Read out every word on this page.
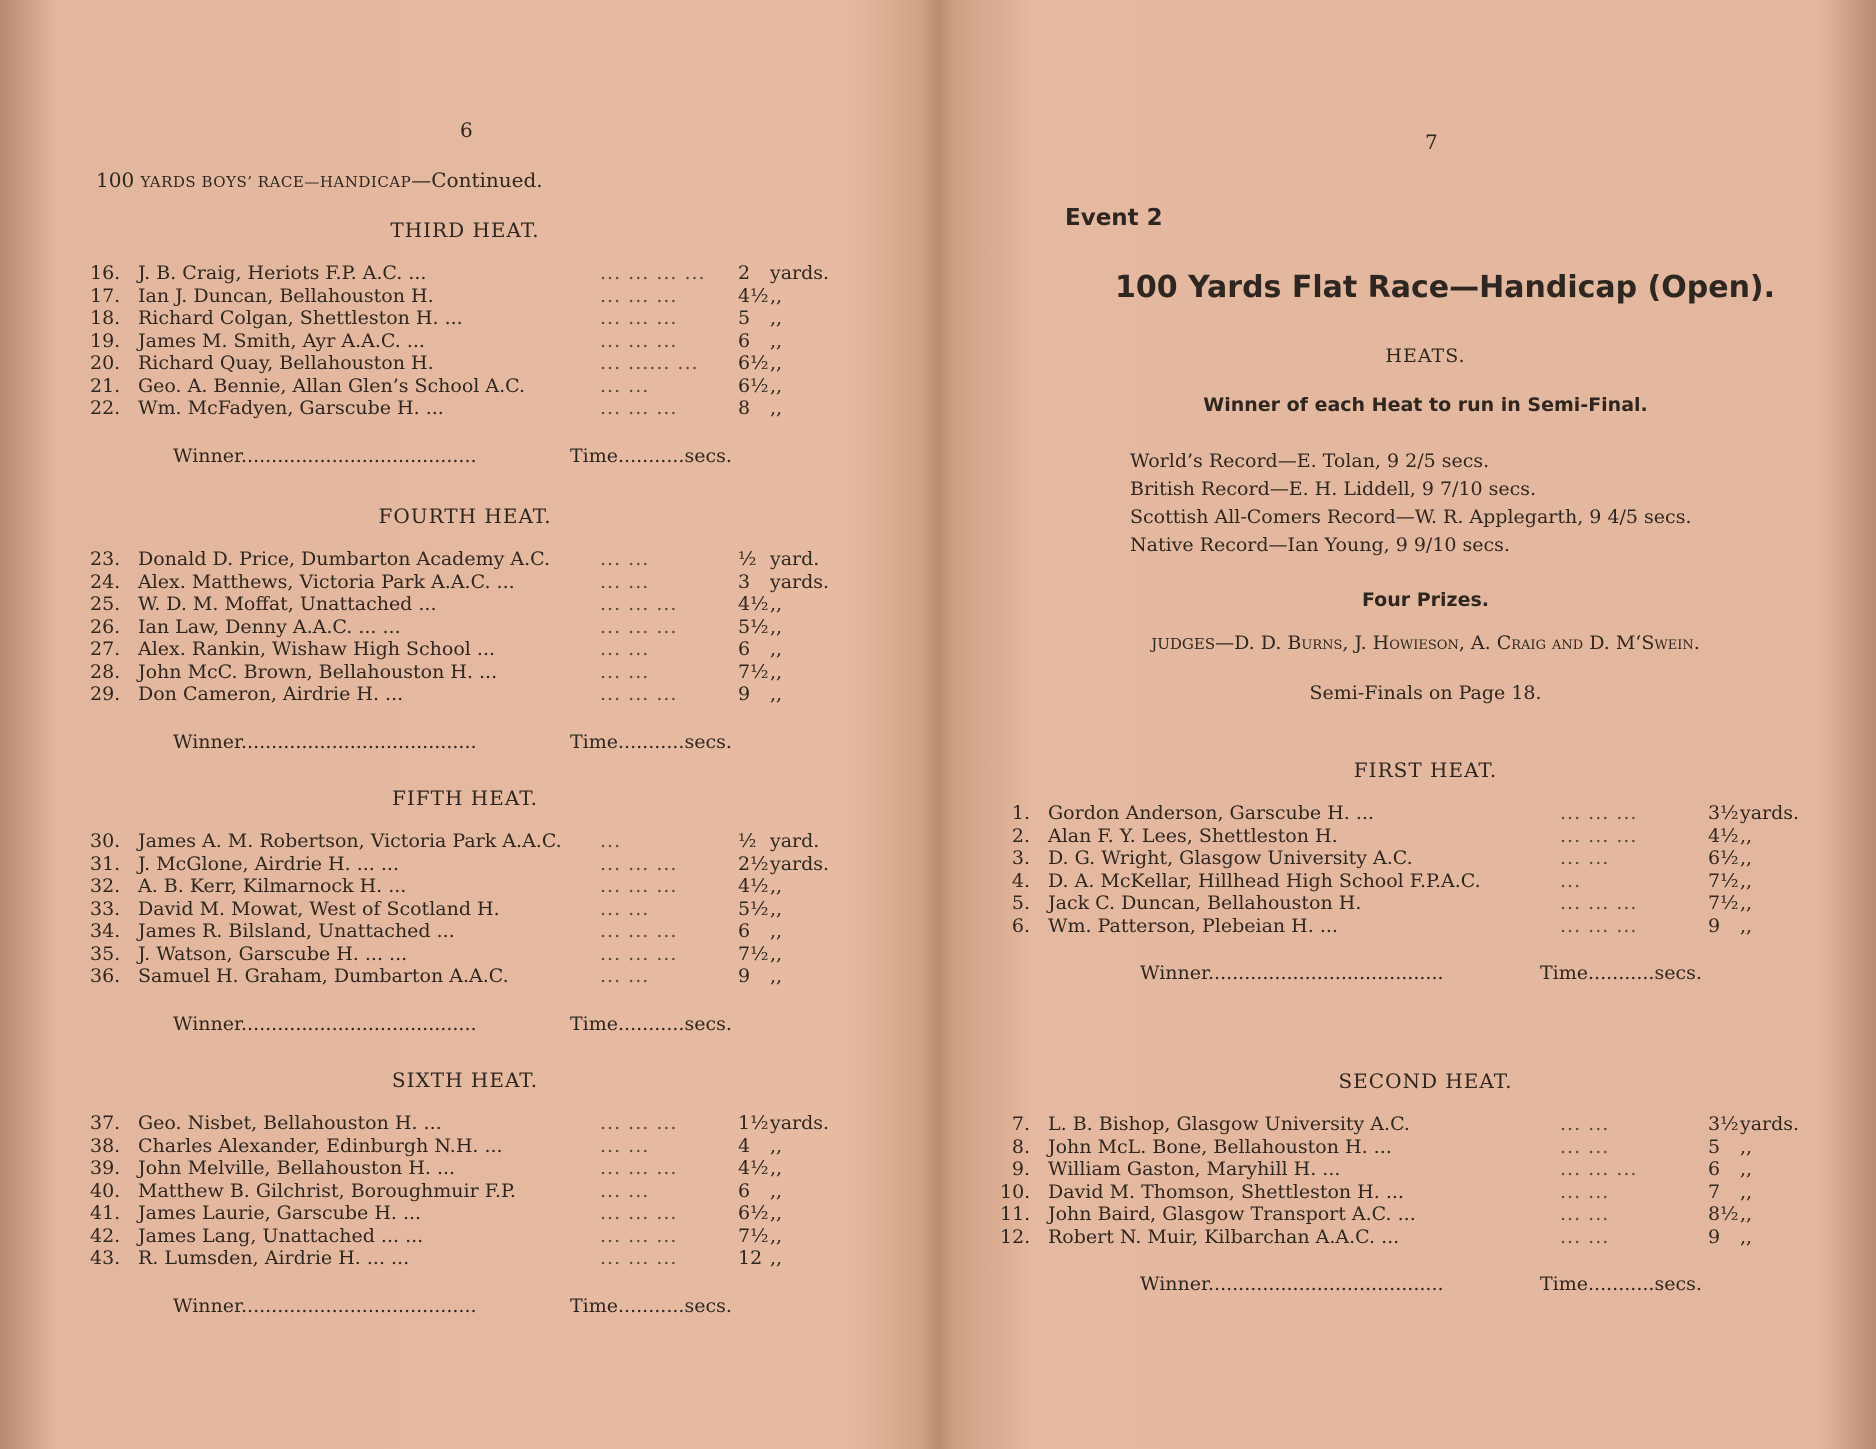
6
100 YARDS BOYS’ RACE—HANDICAP—Continued.
THIRD HEAT.
16. J. B. Craig, Heriots F.P. A.C. ...	... ... ... ... 2 yards.
17. Ian J. Duncan, Bellahouston H.	... ... ...	4½ ,,
18. Richard Colgan, Shettleston H. ...	... ... ...	5 ,,
19. James M. Smith, Ayr A.A.C. ...	... ... ...	6 ,,
20. Richard Quay, Bellahouston H.	... ...... ... 6½ ,,
21. Geo. A. Bennie, Allan Glen’s School A.C.	... ...	6½ ,,
22. Wm. McFadyen, Garscube H. ...	... ... ...	8 ,,
Winner.......................................	Time...........secs.
FOURTH HEAT.
23. Donald D. Price, Dumbarton Academy A.C.	... ...	½ yard.
24. Alex. Matthews, Victoria Park A.A.C. ...	... ...	3 yards.
25. W. D. M. Moffat, Unattached ...	... ... ...	4½ ,,
26. Ian Law, Denny A.A.C. ... ...	... ... ...	5½ ,,
27. Alex. Rankin, Wishaw High School ...	... ...	6 ,,
28. John McC. Brown, Bellahouston H. ...	... ...	7½ ,,
29. Don Cameron, Airdrie H. ...	... ... ...	9 ,,
Winner.......................................	Time...........secs.
FIFTH HEAT.
30. James A. M. Robertson, Victoria Park A.A.C. ...	½ yard.
31. J. McGlone, Airdrie H. ... ...	... ... ...	2½ yards.
32. A. B. Kerr, Kilmarnock H. ...	... ... ...	4½ ,,
33. David M. Mowat, West of Scotland H.	... ...	5½ ,,
34. James R. Bilsland, Unattached ...	... ... ...	6 ,,
35. J. Watson, Garscube H. ... ...	... ... ...	7½ ,,
36. Samuel H. Graham, Dumbarton A.A.C.	... ...	9 ,,
Winner.......................................	Time...........secs.
SIXTH HEAT.
37. Geo. Nisbet, Bellahouston H. ...	... ... ...	1½ yards.
38. Charles Alexander, Edinburgh N.H. ...	... ...	4 ,,
39. John Melville, Bellahouston H. ...	... ... ...	4½ ,,
40. Matthew B. Gilchrist, Boroughmuir F.P.	... ...	6 ,,
41. James Laurie, Garscube H. ...	... ... ...	6½ ,,
42. James Lang, Unattached ... ...	... ... ...	7½ ,,
43. R. Lumsden, Airdrie H. ... ...	... ... ...	12 ,,
Winner.......................................	Time...........secs.
7
Event 2
100 Yards Flat Race—Handicap (Open).
HEATS.
Winner of each Heat to run in Semi-Final.
World’s Record—E. Tolan, 9 2/5 secs.
British Record—E. H. Liddell, 9 7/10 secs.
Scottish All-Comers Record—W. R. Applegarth, 9 4/5 secs.
Native Record—Ian Young, 9 9/10 secs.
Four Prizes.
JUDGES—D. D. Burns, J. Howieson, A. Craig and D. M‘Swein.
Semi-Finals on Page 18.
FIRST HEAT.
1. Gordon Anderson, Garscube H. ...	... ... ...	3½ yards.
2. Alan F. Y. Lees, Shettleston H.	... ... ...	4½ ,,
3. D. G. Wright, Glasgow University A.C.	... ...	6½ ,,
4. D. A. McKellar, Hillhead High School F.P.A.C.	...	7½ ,,
5. Jack C. Duncan, Bellahouston H.	... ... ...	7½ ,,
6. Wm. Patterson, Plebeian H. ...	... ... ...	9 ,,
Winner.......................................	Time...........secs.
SECOND HEAT.
7. L. B. Bishop, Glasgow University A.C.	... ...	3½ yards.
8. John McL. Bone, Bellahouston H. ...	... ...	5 ,,
9. William Gaston, Maryhill H. ...	... ... ...	6 ,,
10. David M. Thomson, Shettleston H. ...	... ...	7 ,,
11. John Baird, Glasgow Transport A.C. ...	... ...	8½ ,,
12. Robert N. Muir, Kilbarchan A.A.C. ...	... ...	9 ,,
Winner.......................................	Time...........secs.
